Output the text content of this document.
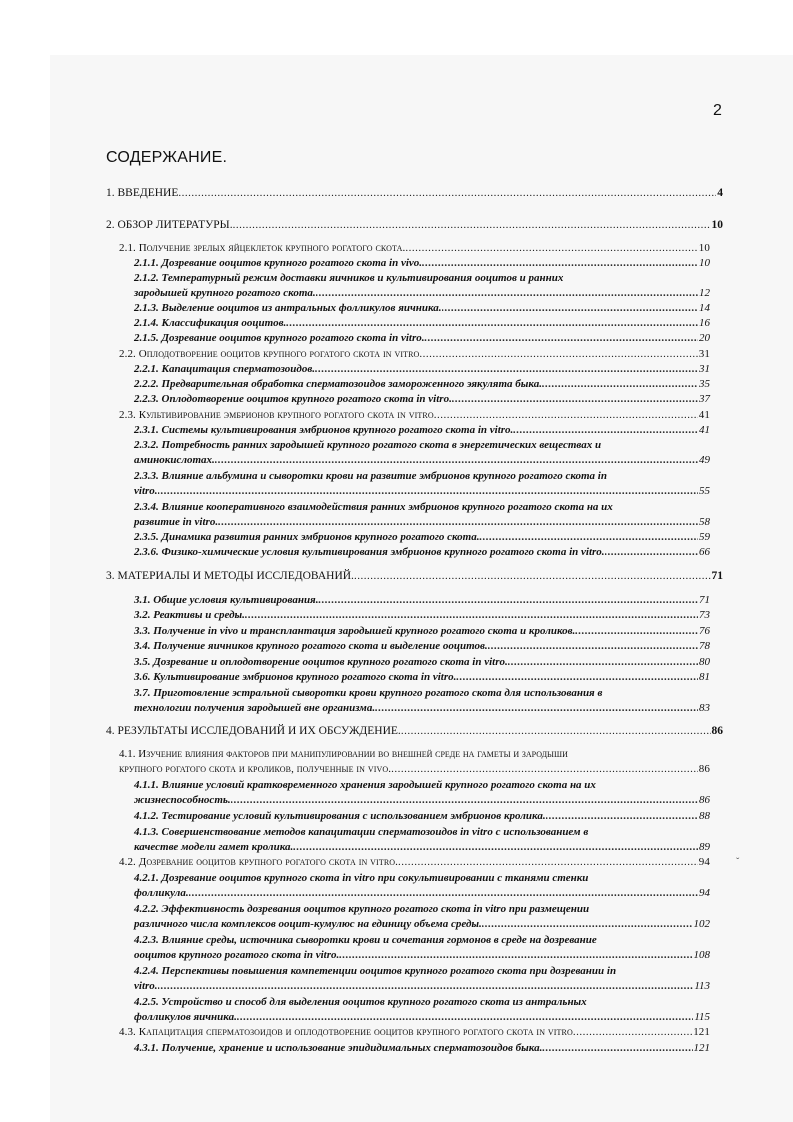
2
СОДЕРЖАНИЕ.
1. ВВЕДЕНИЕ .....	4
2. ОБЗОР ЛИТЕРАТУРЫ. .....	10
2.1. Получение зрелых яйцеклеток крупного рогатого скота. .....	10
2.1.1. Дозревание ооцитов крупного рогатого скота in vivo. .....	10
2.1.2. Температурный режим доставки яичников и культивирования ооцитов и ранних
зародышей крупного рогатого скота. .....	12
2.1.3. Выделение ооцитов из антральных фолликулов яичника. .....	14
2.1.4. Классификация ооцитов. .....	16
2.1.5. Дозревание ооцитов крупного рогатого скота in vitro. .....	20
2.2. Оплодотворение ооцитов крупного рогатого скота in vitro .....	31
2.2.1. Капацитация сперматозоидов. .....	31
2.2.2. Предварительная обработка сперматозоидов замороженного эякулята быка. .....	35
2.2.3. Оплодотворение ооцитов крупного рогатого скота in vitro. .....	37
2.3. Культивирование эмбрионов крупного рогатого скота in vitro .....	41
2.3.1. Системы культивирования эмбрионов крупного рогатого скота in vitro. .....	41
2.3.2. Потребность ранних зародышей крупного рогатого скота в энергетических веществах и
аминокислотах. .....	49
2.3.3. Влияние альбумина и сыворотки крови на развитие эмбрионов крупного рогатого скота in
vitro. .....	55
2.3.4. Влияние кооперативного взаимодействия ранних эмбрионов крупного рогатого скота на их
развитие in vitro. .....	58
2.3.5. Динамика развития ранних эмбрионов крупного рогатого скота. .....	59
2.3.6. Физико-химические условия культивирования эмбрионов крупного рогатого скота in vitro. .....	66
3. МАТЕРИАЛЫ И МЕТОДЫ ИССЛЕДОВАНИЙ. .....	71
3.1. Общие условия культивирования. .....	71
3.2. Реактивы и среды. .....	73
3.3. Получение in vivo и трансплантация зародышей крупного рогатого скота и кроликов. .....	76
3.4. Получение яичников крупного рогатого скота и выделение ооцитов. .....	78
3.5. Дозревание и оплодотворение ооцитов крупного рогатого скота in vitro. .....	80
3.6. Культивирование эмбрионов крупного рогатого скота in vitro. .....	81
3.7. Приготовление эстральной сыворотки крови крупного рогатого скота для использования в
технологии получения зародышей вне организма. .....	83
4. РЕЗУЛЬТАТЫ ИССЛЕДОВАНИЙ И ИХ ОБСУЖДЕНИЕ. .....	86
4.1. Изучение влияния факторов при манипулировании во внешней среде на гаметы и зародыши
крупного рогатого скота и кроликов, полученные in vivo. .....	86
4.1.1. Влияние условий кратковременного хранения зародышей крупного рогатого скота на их
жизнеспособность. .....	86
4.1.2. Тестирование условий культивирования с использованием эмбрионов кролика. .....	88
4.1.3. Совершенствование методов капацитации сперматозоидов in vitro с использованием в
качестве модели гамет кролика. .....	89
4.2. Дозревание ооцитов крупного рогатого скота in vitro. .....	94
4.2.1. Дозревание ооцитов крупного скота in vitro при сокультивировании с тканями стенки
фолликула. .....	94
4.2.2. Эффективность дозревания ооцитов крупного рогатого скота in vitro при размещении
различного числа комплексов ооцит-кумулюс на единицу объема среды. .....	102
4.2.3. Влияние среды, источника сыворотки крови и сочетания гормонов в среде на дозревание
ооцитов крупного рогатого скота in vitro. .....	108
4.2.4. Перспективы повышения компетенции ооцитов крупного рогатого скота при дозревании in
vitro. .....	113
4.2.5. Устройство и способ для выделения ооцитов крупного рогатого скота из антральных
фолликулов яичника. .....	115
4.3. Капацитация сперматозоидов и оплодотворение ооцитов крупного рогатого скота in vitro .....	121
4.3.1. Получение, хранение и использование эпидидимальных сперматозоидов быка. .....	121
ˇ
